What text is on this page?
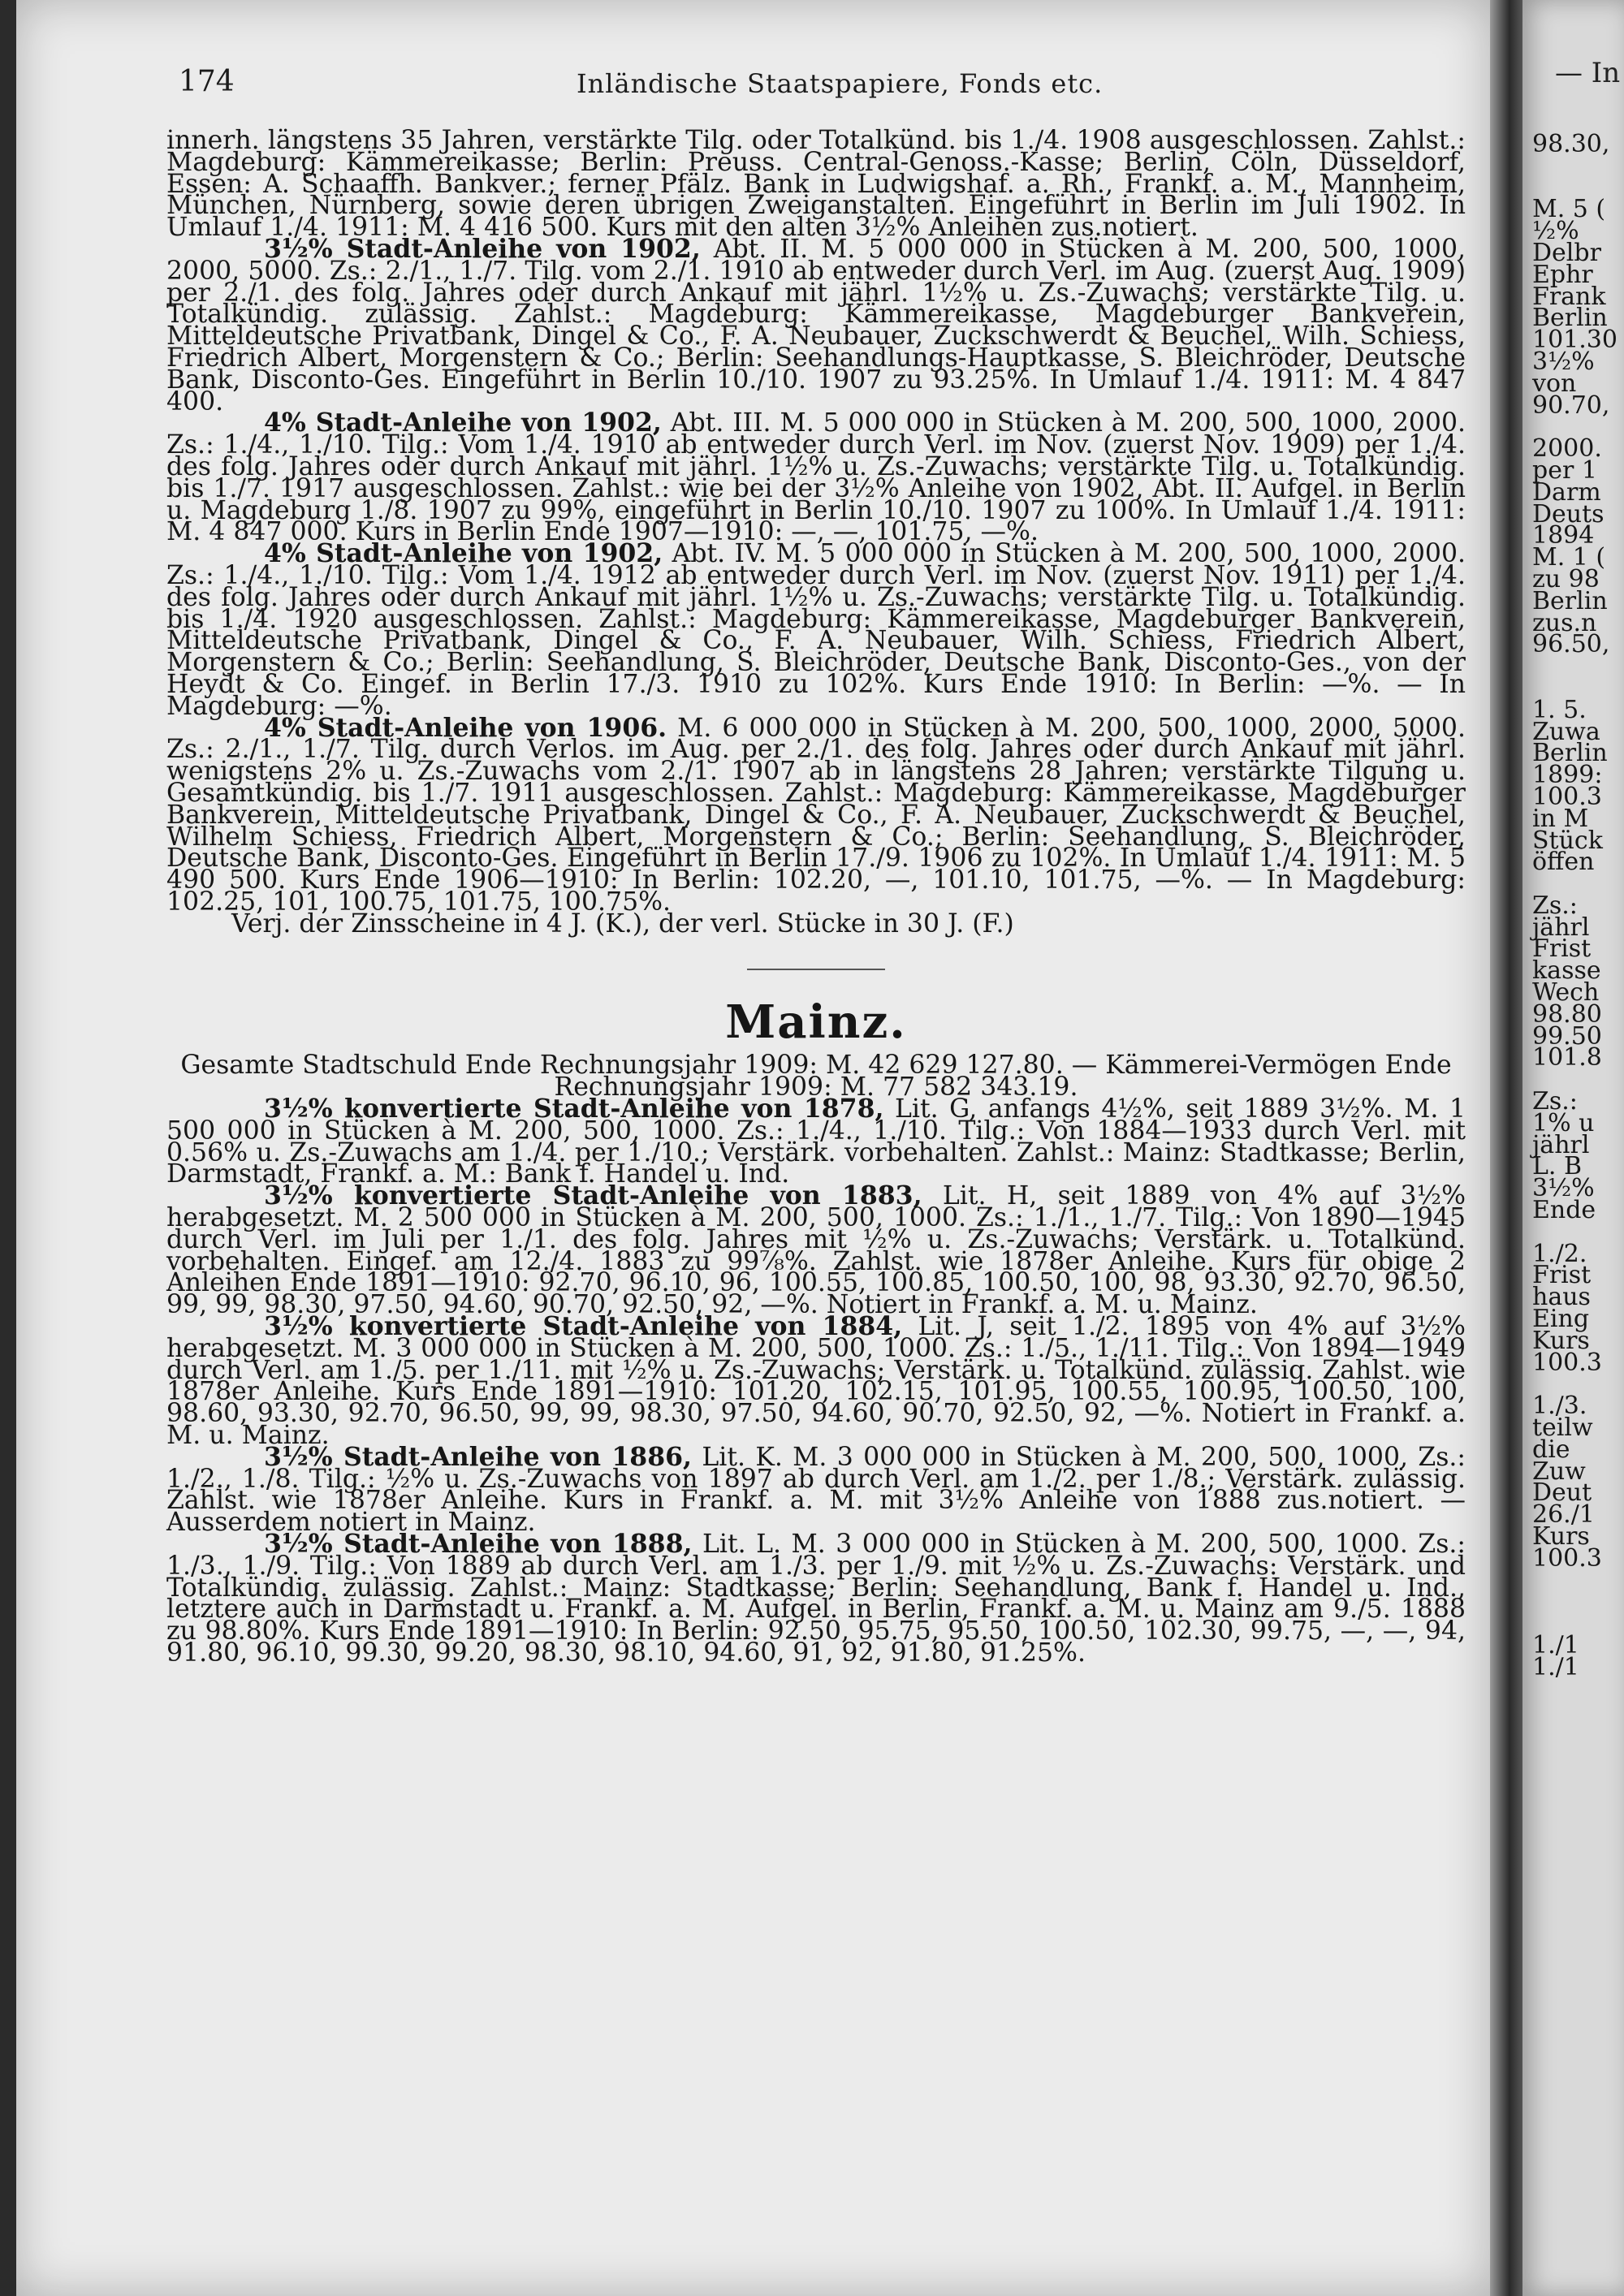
174	Inländische Staatspapiere, Fonds etc.

innerh. längstens 35 Jahren, verstärkte Tilg. oder Totalkünd. bis 1./4. 1908 ausgeschlossen. Zahlst.: Magdeburg: Kämmereikasse; Berlin: Preuss. Central-Genoss.-Kasse; Berlin, Cöln, Düsseldorf, Essen: A. Schaaffh. Bankver.; ferner Pfälz. Bank in Ludwigshaf. a. Rh., Frankf. a. M., Mannheim, München, Nürnberg, sowie deren übrigen Zweiganstalten. Eingeführt in Berlin im Juli 1902. In Umlauf 1./4. 1911: M. 4 416 500. Kurs mit den alten 3½% Anleihen zus.notiert.

3½% Stadt-Anleihe von 1902, Abt. II. M. 5 000 000 in Stücken à M. 200, 500, 1000, 2000, 5000. Zs.: 2./1., 1./7. Tilg. vom 2./1. 1910 ab entweder durch Verl. im Aug. (zuerst Aug. 1909) per 2./1. des folg. Jahres oder durch Ankauf mit jährl. 1½% u. Zs.-Zuwachs; verstärkte Tilg. u. Totalkündig. zulässig. Zahlst.: Magdeburg: Kämmereikasse, Magdeburger Bankverein, Mitteldeutsche Privatbank, Dingel & Co., F. A. Neubauer, Zuckschwerdt & Beuchel, Wilh. Schiess, Friedrich Albert, Morgenstern & Co.; Berlin: Seehandlungs-Hauptkasse, S. Bleichröder, Deutsche Bank, Disconto-Ges. Eingeführt in Berlin 10./10. 1907 zu 93.25%. In Umlauf 1./4. 1911: M. 4 847 400.

4% Stadt-Anleihe von 1902, Abt. III. M. 5 000 000 in Stücken à M. 200, 500, 1000, 2000. Zs.: 1./4., 1./10. Tilg.: Vom 1./4. 1910 ab entweder durch Verl. im Nov. (zuerst Nov. 1909) per 1./4. des folg. Jahres oder durch Ankauf mit jährl. 1½% u. Zs.-Zuwachs; verstärkte Tilg. u. Totalkündig. bis 1./7. 1917 ausgeschlossen. Zahlst.: wie bei der 3½% Anleihe von 1902, Abt. II. Aufgel. in Berlin u. Magdeburg 1./8. 1907 zu 99%, eingeführt in Berlin 10./10. 1907 zu 100%. In Umlauf 1./4. 1911: M. 4 847 000. Kurs in Berlin Ende 1907—1910: —, —, 101.75, —%.

4% Stadt-Anleihe von 1902, Abt. IV. M. 5 000 000 in Stücken à M. 200, 500, 1000, 2000. Zs.: 1./4., 1./10. Tilg.: Vom 1./4. 1912 ab entweder durch Verl. im Nov. (zuerst Nov. 1911) per 1./4. des folg. Jahres oder durch Ankauf mit jährl. 1½% u. Zs.-Zuwachs; verstärkte Tilg. u. Totalkündig. bis 1./4. 1920 ausgeschlossen. Zahlst.: Magdeburg: Kämmereikasse, Magdeburger Bankverein, Mitteldeutsche Privatbank, Dingel & Co., F. A. Neubauer, Wilh. Schiess, Friedrich Albert, Morgenstern & Co.; Berlin: Seehandlung, S. Bleichröder, Deutsche Bank, Disconto-Ges., von der Heydt & Co. Eingef. in Berlin 17./3. 1910 zu 102%. Kurs Ende 1910: In Berlin: —%. — In Magdeburg: —%.

4% Stadt-Anleihe von 1906. M. 6 000 000 in Stücken à M. 200, 500, 1000, 2000, 5000. Zs.: 2./1., 1./7. Tilg. durch Verlos. im Aug. per 2./1. des folg. Jahres oder durch Ankauf mit jährl. wenigstens 2% u. Zs.-Zuwachs vom 2./1. 1907 ab in längstens 28 Jahren; verstärkte Tilgung u. Gesamtkündig. bis 1./7. 1911 ausgeschlossen. Zahlst.: Magdeburg: Kämmereikasse, Magdeburger Bankverein, Mitteldeutsche Privatbank, Dingel & Co., F. A. Neubauer, Zuckschwerdt & Beuchel, Wilhelm Schiess, Friedrich Albert, Morgenstern & Co.; Berlin: Seehandlung, S. Bleichröder, Deutsche Bank, Disconto-Ges. Eingeführt in Berlin 17./9. 1906 zu 102%. In Umlauf 1./4. 1911: M. 5 490 500. Kurs Ende 1906—1910: In Berlin: 102.20, —, 101.10, 101.75, —%. — In Magdeburg: 102.25, 101, 100.75, 101.75, 100.75%.

Verj. der Zinsscheine in 4 J. (K.), der verl. Stücke in 30 J. (F.)

Mainz.

Gesamte Stadtschuld Ende Rechnungsjahr 1909: M. 42 629 127.80. — Kämmerei-Vermögen Ende Rechnungsjahr 1909: M. 77 582 343.19.

3½% konvertierte Stadt-Anleihe von 1878, Lit. G, anfangs 4½%, seit 1889 3½%. M. 1 500 000 in Stücken à M. 200, 500, 1000. Zs.: 1./4., 1./10. Tilg.: Von 1884—1933 durch Verl. mit 0.56% u. Zs.-Zuwachs am 1./4. per 1./10.; Verstärk. vorbehalten. Zahlst.: Mainz: Stadtkasse; Berlin, Darmstadt, Frankf. a. M.: Bank f. Handel u. Ind.

3½% konvertierte Stadt-Anleihe von 1883, Lit. H, seit 1889 von 4% auf 3½% herabgesetzt. M. 2 500 000 in Stücken à M. 200, 500, 1000. Zs.: 1./1., 1./7. Tilg.: Von 1890—1945 durch Verl. im Juli per 1./1. des folg. Jahres mit ½% u. Zs.-Zuwachs; Verstärk. u. Totalkünd. vorbehalten. Eingef. am 12./4. 1883 zu 99⅞%. Zahlst. wie 1878er Anleihe. Kurs für obige 2 Anleihen Ende 1891—1910: 92.70, 96.10, 96, 100.55, 100.85, 100.50, 100, 98, 93.30, 92.70, 96.50, 99, 99, 98.30, 97.50, 94.60, 90.70, 92.50, 92, —%. Notiert in Frankf. a. M. u. Mainz.

3½% konvertierte Stadt-Anleihe von 1884, Lit. J, seit 1./2. 1895 von 4% auf 3½% herabgesetzt. M. 3 000 000 in Stücken à M. 200, 500, 1000. Zs.: 1./5., 1./11. Tilg.: Von 1894—1949 durch Verl. am 1./5. per 1./11. mit ½% u. Zs.-Zuwachs; Verstärk. u. Totalkünd. zulässig. Zahlst. wie 1878er Anleihe. Kurs Ende 1891—1910: 101.20, 102.15, 101.95, 100.55, 100.95, 100.50, 100, 98.60, 93.30, 92.70, 96.50, 99, 99, 98.30, 97.50, 94.60, 90.70, 92.50, 92, —%. Notiert in Frankf. a. M. u. Mainz.

3½% Stadt-Anleihe von 1886, Lit. K. M. 3 000 000 in Stücken à M. 200, 500, 1000, Zs.: 1./2., 1./8. Tilg.: ½% u. Zs.-Zuwachs von 1897 ab durch Verl. am 1./2. per 1./8.; Verstärk. zulässig. Zahlst. wie 1878er Anleihe. Kurs in Frankf. a. M. mit 3½% Anleihe von 1888 zus.notiert. — Ausserdem notiert in Mainz.

3½% Stadt-Anleihe von 1888, Lit. L. M. 3 000 000 in Stücken à M. 200, 500, 1000. Zs.: 1./3., 1./9. Tilg.: Von 1889 ab durch Verl. am 1./3. per 1./9. mit ½% u. Zs.-Zuwachs: Verstärk. und Totalkündig. zulässig. Zahlst.: Mainz: Stadtkasse; Berlin: Seehandlung, Bank f. Handel u. Ind., letztere auch in Darmstadt u. Frankf. a. M. Aufgel. in Berlin, Frankf. a. M. u. Mainz am 9./5. 1888 zu 98.80%. Kurs Ende 1891—1910: In Berlin: 92.50, 95.75, 95.50, 100.50, 102.30, 99.75, —, —, 94, 91.80, 96.10, 99.30, 99.20, 98.30, 98.10, 94.60, 91, 92, 91.80, 91.25%.

— In
98.30,

M. 5 (
½%
Delbr
Ephr
Frank
Berlin
101.30
3½%
von
90.70,

2000.
per 1
Darm
Deuts
1894
M. 1 (
zu 98
Berlin
zus.n
96.50,

1. 5.
Zuwa
Berlin
1899:
100.3
in M
Stück
öffen

Zs.:
jährl
Frist
kasse
Wech
98.80
99.50
101.8

Zs.:
1% u
jährl
L. B
3½%
Ende

1./2.
Frist
haus
Eing
Kurs
100.3

1./3.
teilw
die
Zuw
Deut
26./1
Kurs
100.3

1./1
1./1
